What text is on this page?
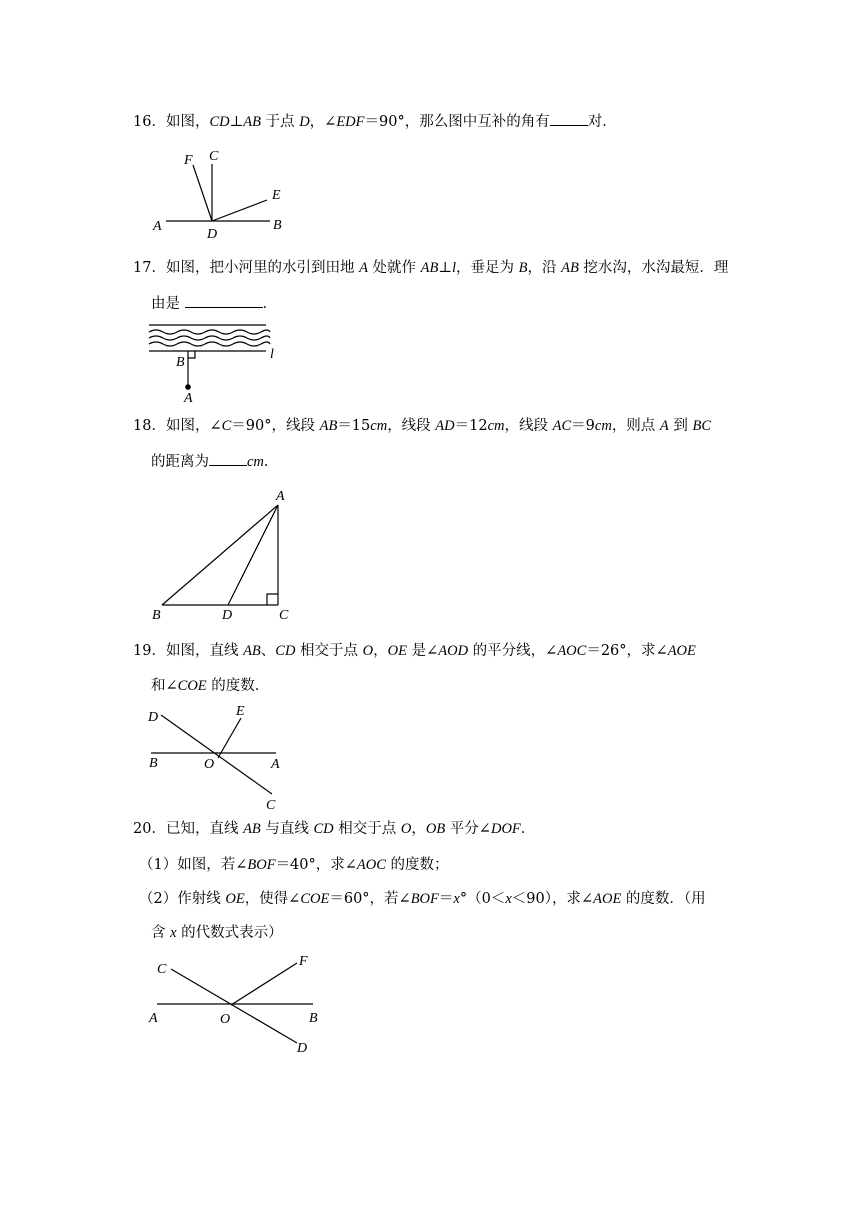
16．如图，CD⊥AB 于点 D，∠EDF＝90°，那么图中互补的角有	对．
F C
E
A
D
B
17．如图，把小河里的水引到田地 A 处就作 AB⊥l，垂足为 B，沿 AB 挖水沟，水沟最短．理
由是	．
B
l
A
18．如图，∠C＝90°，线段 AB＝15cm，线段 AD＝12cm，线段 AC＝9cm，则点 A 到 BC
的距离为	cm．
A
B	D	C
19．如图，直线 AB、CD 相交于点 O，OE 是∠AOD 的平分线，∠AOC＝26°，求∠AOE
和∠COE 的度数．
D	E
B	O	A
C
20．已知，直线 AB 与直线 CD 相交于点 O，OB 平分∠DOF．
（1）如图，若∠BOF＝40°，求∠AOC 的度数；
（2）作射线 OE，使得∠COE＝60°，若∠BOF＝x°（0＜x＜90），求∠AOE 的度数．（用
含 x 的代数式表示）
C
F
A	O	B
D
